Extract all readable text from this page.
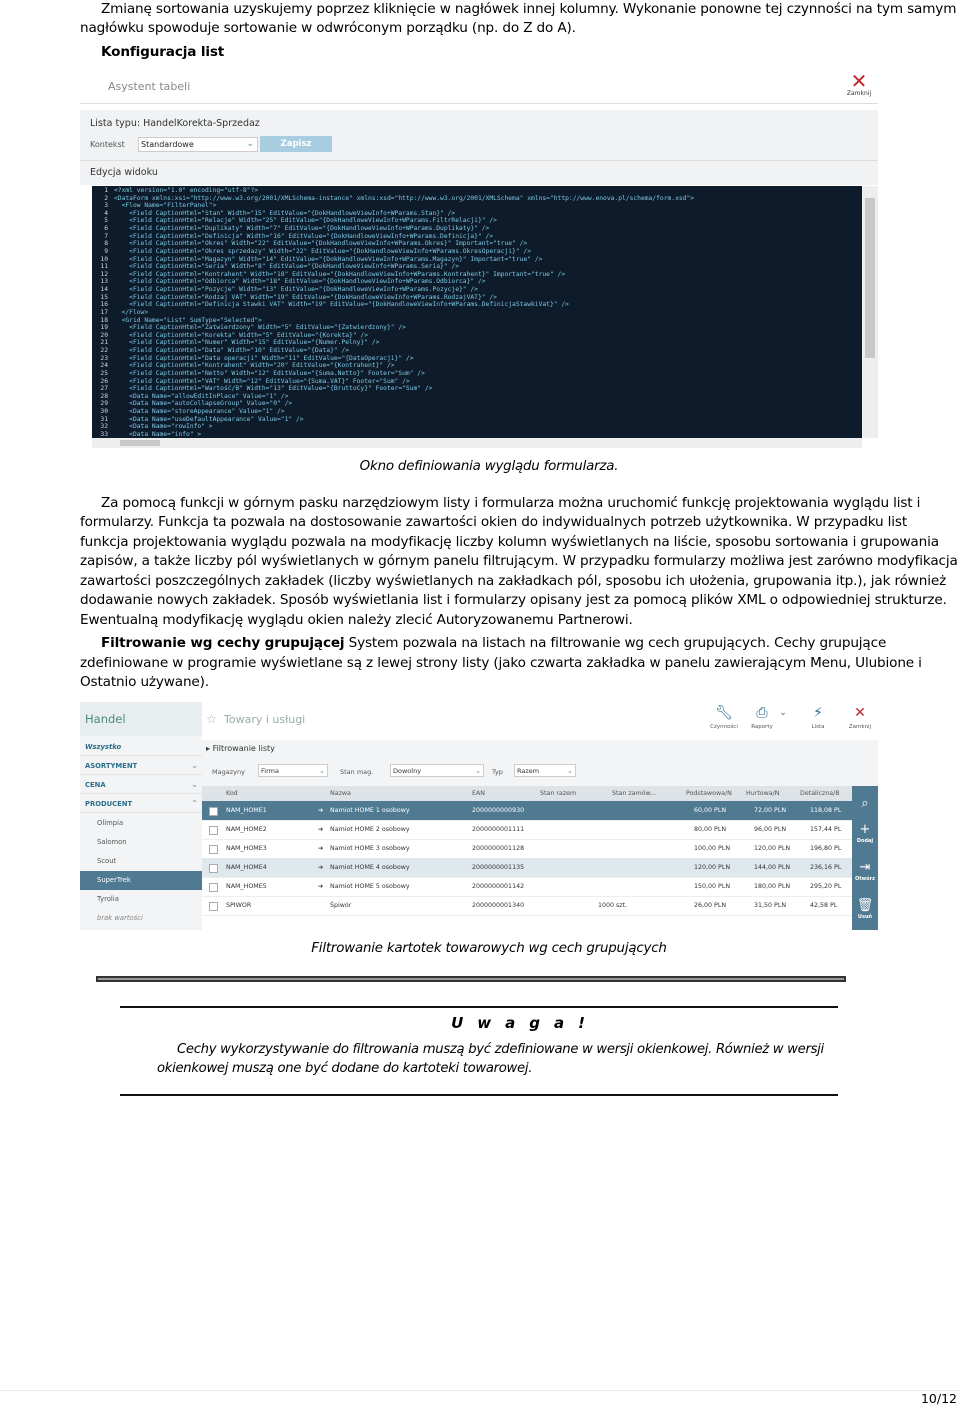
Zmianę sortowania uzyskujemy poprzez kliknięcie w nagłówek innej kolumny. Wykonanie ponowne tej czynności na tym samym
nagłówku spowoduje sortowanie w odwróconym porządku (np. do Z do A).
Konfiguracja list
Asystent tabeli	✕
Zamknij
Lista typu: HandelKorekta-Sprzedaz
Kontekst	Standardowe	⌄	Zapisz
Edycja widoku
1 <?xml version="1.0" encoding="utf-8"?>
2 <DataForm xmlns:xsi="http://www.w3.org/2001/XMLSchema-instance" xmlns:xsd="http://www.w3.org/2001/XMLSchema" xmlns="http://www.enova.pl/schema/form.xsd">
3  <Flow Name="FilterPanel">
4    <Field CaptionHtml="Stan" Width="15" EditValue="{DokHandloweViewInfo+WParams.Stan}" />
5    <Field CaptionHtml="Relacje" Width="25" EditValue="{DokHandloweViewInfo+WParams.FiltrRelacji}" />
6    <Field CaptionHtml="Duplikaty" Width="7" EditValue="{DokHandloweViewInfo+WParams.Duplikaty}" />
7    <Field CaptionHtml="Definicja" Width="16" EditValue="{DokHandloweViewInfo+WParams.Definicja}" />
8    <Field CaptionHtml="Okres" Width="22" EditValue="{DokHandloweViewInfo+WParams.Okres}" Important="true" />
9    <Field CaptionHtml="Okres sprzedazy" Width="22" EditValue="{DokHandloweViewInfo+WParams.OkresOperacji}" />
10    <Field CaptionHtml="Magazyn" Width="14" EditValue="{DokHandloweViewInfo+WParams.Magazyn}" Important="true" />
11    <Field CaptionHtml="Seria" Width="8" EditValue="{DokHandloweViewInfo+WParams.Seria}" />
12    <Field CaptionHtml="Kontrahent" Width="18" EditValue="{DokHandloweViewInfo+WParams.Kontrahent}" Important="true" />
13    <Field CaptionHtml="Odbiorca" Width="18" EditValue="{DokHandloweViewInfo+WParams.Odbiorca}" />
14    <Field CaptionHtml="Pozycje" Width="13" EditValue="{DokHandloweViewInfo+WParams.Pozycje}" />
15    <Field CaptionHtml="Rodzaj VAT" Width="19" EditValue="{DokHandloweViewInfo+WParams.RodzajVAT}" />
16    <Field CaptionHtml="Definicja Stawki VAT" Width="19" EditValue="{DokHandloweViewInfo+WParams.DefinicjaStawkiVat}" />
17  </Flow>
18  <Grid Name="List" SumType="Selected">
19    <Field CaptionHtml="Zatwierdzony" Width="5" EditValue="{Zatwierdzony}" />
20    <Field CaptionHtml="Korekta" Width="5" EditValue="{Korekta}" />
21    <Field CaptionHtml="Numer" Width="15" EditValue="{Numer.Pelny}" />
22    <Field CaptionHtml="Data" Width="10" EditValue="{Data}" />
23    <Field CaptionHtml="Data operacji" Width="11" EditValue="{DataOperacji}" />
24    <Field CaptionHtml="Kontrahent" Width="20" EditValue="{Kontrahent}" />
25    <Field CaptionHtml="Netto" Width="12" EditValue="{Suma.Netto}" Footer="Sum" />
26    <Field CaptionHtml="VAT" Width="12" EditValue="{Suma.VAT}" Footer="Sum" />
27    <Field CaptionHtml="Wartość/B" Width="13" EditValue="{BruttoCy}" Footer="Sum" />
28    <Data Name="allowEditInPlace" Value="1" />
29    <Data Name="autoCollapseGroup" Value="0" />
30    <Data Name="storeAppearance" Value="1" />
31    <Data Name="useDefaultAppearance" Value="1" />
32    <Data Name="rowInfo" >
33    <Data Name="info" >
Okno definiowania wyglądu formularza.
Za pomocą funkcji w górnym pasku narzędziowym listy i formularza można uruchomić funkcję projektowania wyglądu list i
formularzy. Funkcja ta pozwala na dostosowanie zawartości okien do indywidualnych potrzeb użytkownika. W przypadku list
funkcja projektowania wyglądu pozwala na modyfikację liczby kolumn wyświetlanych na liście, sposobu sortowania i grupowania
zapisów, a także liczby pól wyświetlanych w górnym panelu filtrującym. W przypadku formularzy możliwa jest zarówno modyfikacja
zawartości poszczególnych zakładek (liczby wyświetlanych na zakładkach pól, sposobu ich ułożenia, grupowania itp.), jak również
dodawanie nowych zakładek. Sposób wyświetlania list i formularzy opisany jest za pomocą plików XML o odpowiedniej strukturze.
Ewentualną modyfikację wyglądu okien należy zlecić Autoryzowanemu Partnerowi.
Filtrowanie wg cechy grupującej System pozwala na listach na filtrowanie wg cech grupujących. Cechy grupujące
zdefiniowane w programie wyświetlane są z lewej strony listy (jako czwarta zakładka w panelu zawierającym Menu, Ulubione i
Ostatnio używane).
Handel
Wszystko
ASORTYMENT	⌄
CENA	⌄
PRODUCENT	⌃
Olimpia
Salomon
Scout
SuperTrek
Tyrolia
brak wartości
☆ Towary i usługi	🔧︎
Czynności
⎙
Raporty
⌄	⚡︎
Lista
✕
Zamknij
▸ Filtrowanie listy
Magazyny	Firma	⌄ Stan mag.	Dowolny	⌄ Typ	Razem	⌄
Kod	Nazwa	EAN	Stan razem	Stan zamów...	Podstawowa/N Hurtowa/N	Detaliczna/B
➔
NAM_HOME1	Namiot HOME 1 osobowy	2000000000930	60,00 PLN	72,00 PLN	118,08 PL
➔
NAM_HOME2	Namiot HOME 2 osobowy	2000000001111	80,00 PLN	96,00 PLN	157,44 PL
➔
NAM_HOME3	Namiot HOME 3 osobowy	2000000001128	100,00 PLN	120,00 PLN	196,80 PL
➔
NAM_HOME4	Namiot HOME 4 osobowy	2000000001135	120,00 PLN	144,00 PLN	236,16 PL
➔
NAM_HOME5	Namiot HOME 5 osobowy	2000000001142	150,00 PLN	180,00 PLN	295,20 PL
SPIWOR	Śpiwór	2000000001340	1000 szt.	26,00 PLN	31,50 PLN	42,58 PL
⌕
+
Dodaj
⇥
Otwórz
🗑︎
Usuń
Filtrowanie kartotek towarowych wg cech grupujących
Uwaga!
Cechy wykorzystywanie do filtrowania muszą być zdefiniowane w wersji okienkowej. Również w wersji
okienkowej muszą one być dodane do kartoteki towarowej.
10/12
